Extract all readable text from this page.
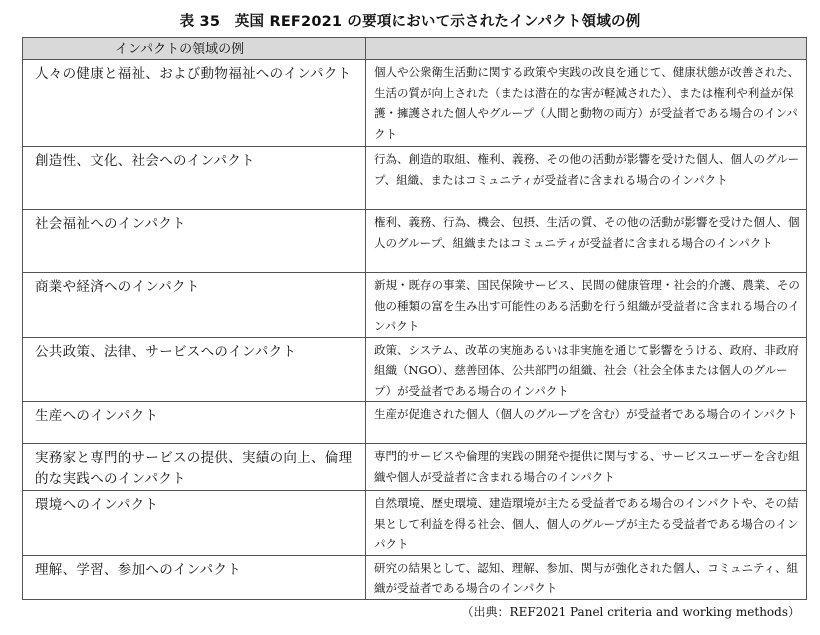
表 35　英国 REF2021 の要項において示されたインパクト領域の例
インパクトの領域の例	
人々の健康と福祉、および動物福祉へのインパクト	個人や公衆衛生活動に関する政策や実践の改良を通じて、健康状態が改善された、生活の質が向上された（または潜在的な害が軽減された）、または権利や利益が保護・擁護された個人やグループ（人間と動物の両方）が受益者である場合のインパクト
創造性、文化、社会へのインパクト	行為、創造的取組、権利、義務、その他の活動が影響を受けた個人、個人のグループ、組織、またはコミュニティが受益者に含まれる場合のインパクト
社会福祉へのインパクト	権利、義務、行為、機会、包摂、生活の質、その他の活動が影響を受けた個人、個人のグループ、組織またはコミュニティが受益者に含まれる場合のインパクト
商業や経済へのインパクト	新規・既存の事業、国民保険サービス、民間の健康管理・社会的介護、農業、その他の種類の富を生み出す可能性のある活動を行う組織が受益者に含まれる場合のインパクト
公共政策、法律、サービスへのインパクト	政策、システム、改革の実施あるいは非実施を通じて影響をうける、政府、非政府組織（NGO）、慈善団体、公共部門の組織、社会（社会全体または個人のグループ）が受益者である場合のインパクト
生産へのインパクト	生産が促進された個人（個人のグループを含む）が受益者である場合のインパクト
実務家と専門的サービスの提供、実績の向上、倫理的な実践へのインパクト	専門的サービスや倫理的実践の開発や提供に関与する、サービスユーザーを含む組織や個人が受益者に含まれる場合のインパクト
環境へのインパクト	自然環境、歴史環境、建造環境が主たる受益者である場合のインパクトや、その結果として利益を得る社会、個人、個人のグループが主たる受益者である場合のインパクト
理解、学習、参加へのインパクト	研究の結果として、認知、理解、参加、関与が強化された個人、コミュニティ、組織が受益者である場合のインパクト
（出典：REF2021 Panel criteria and working methods）
